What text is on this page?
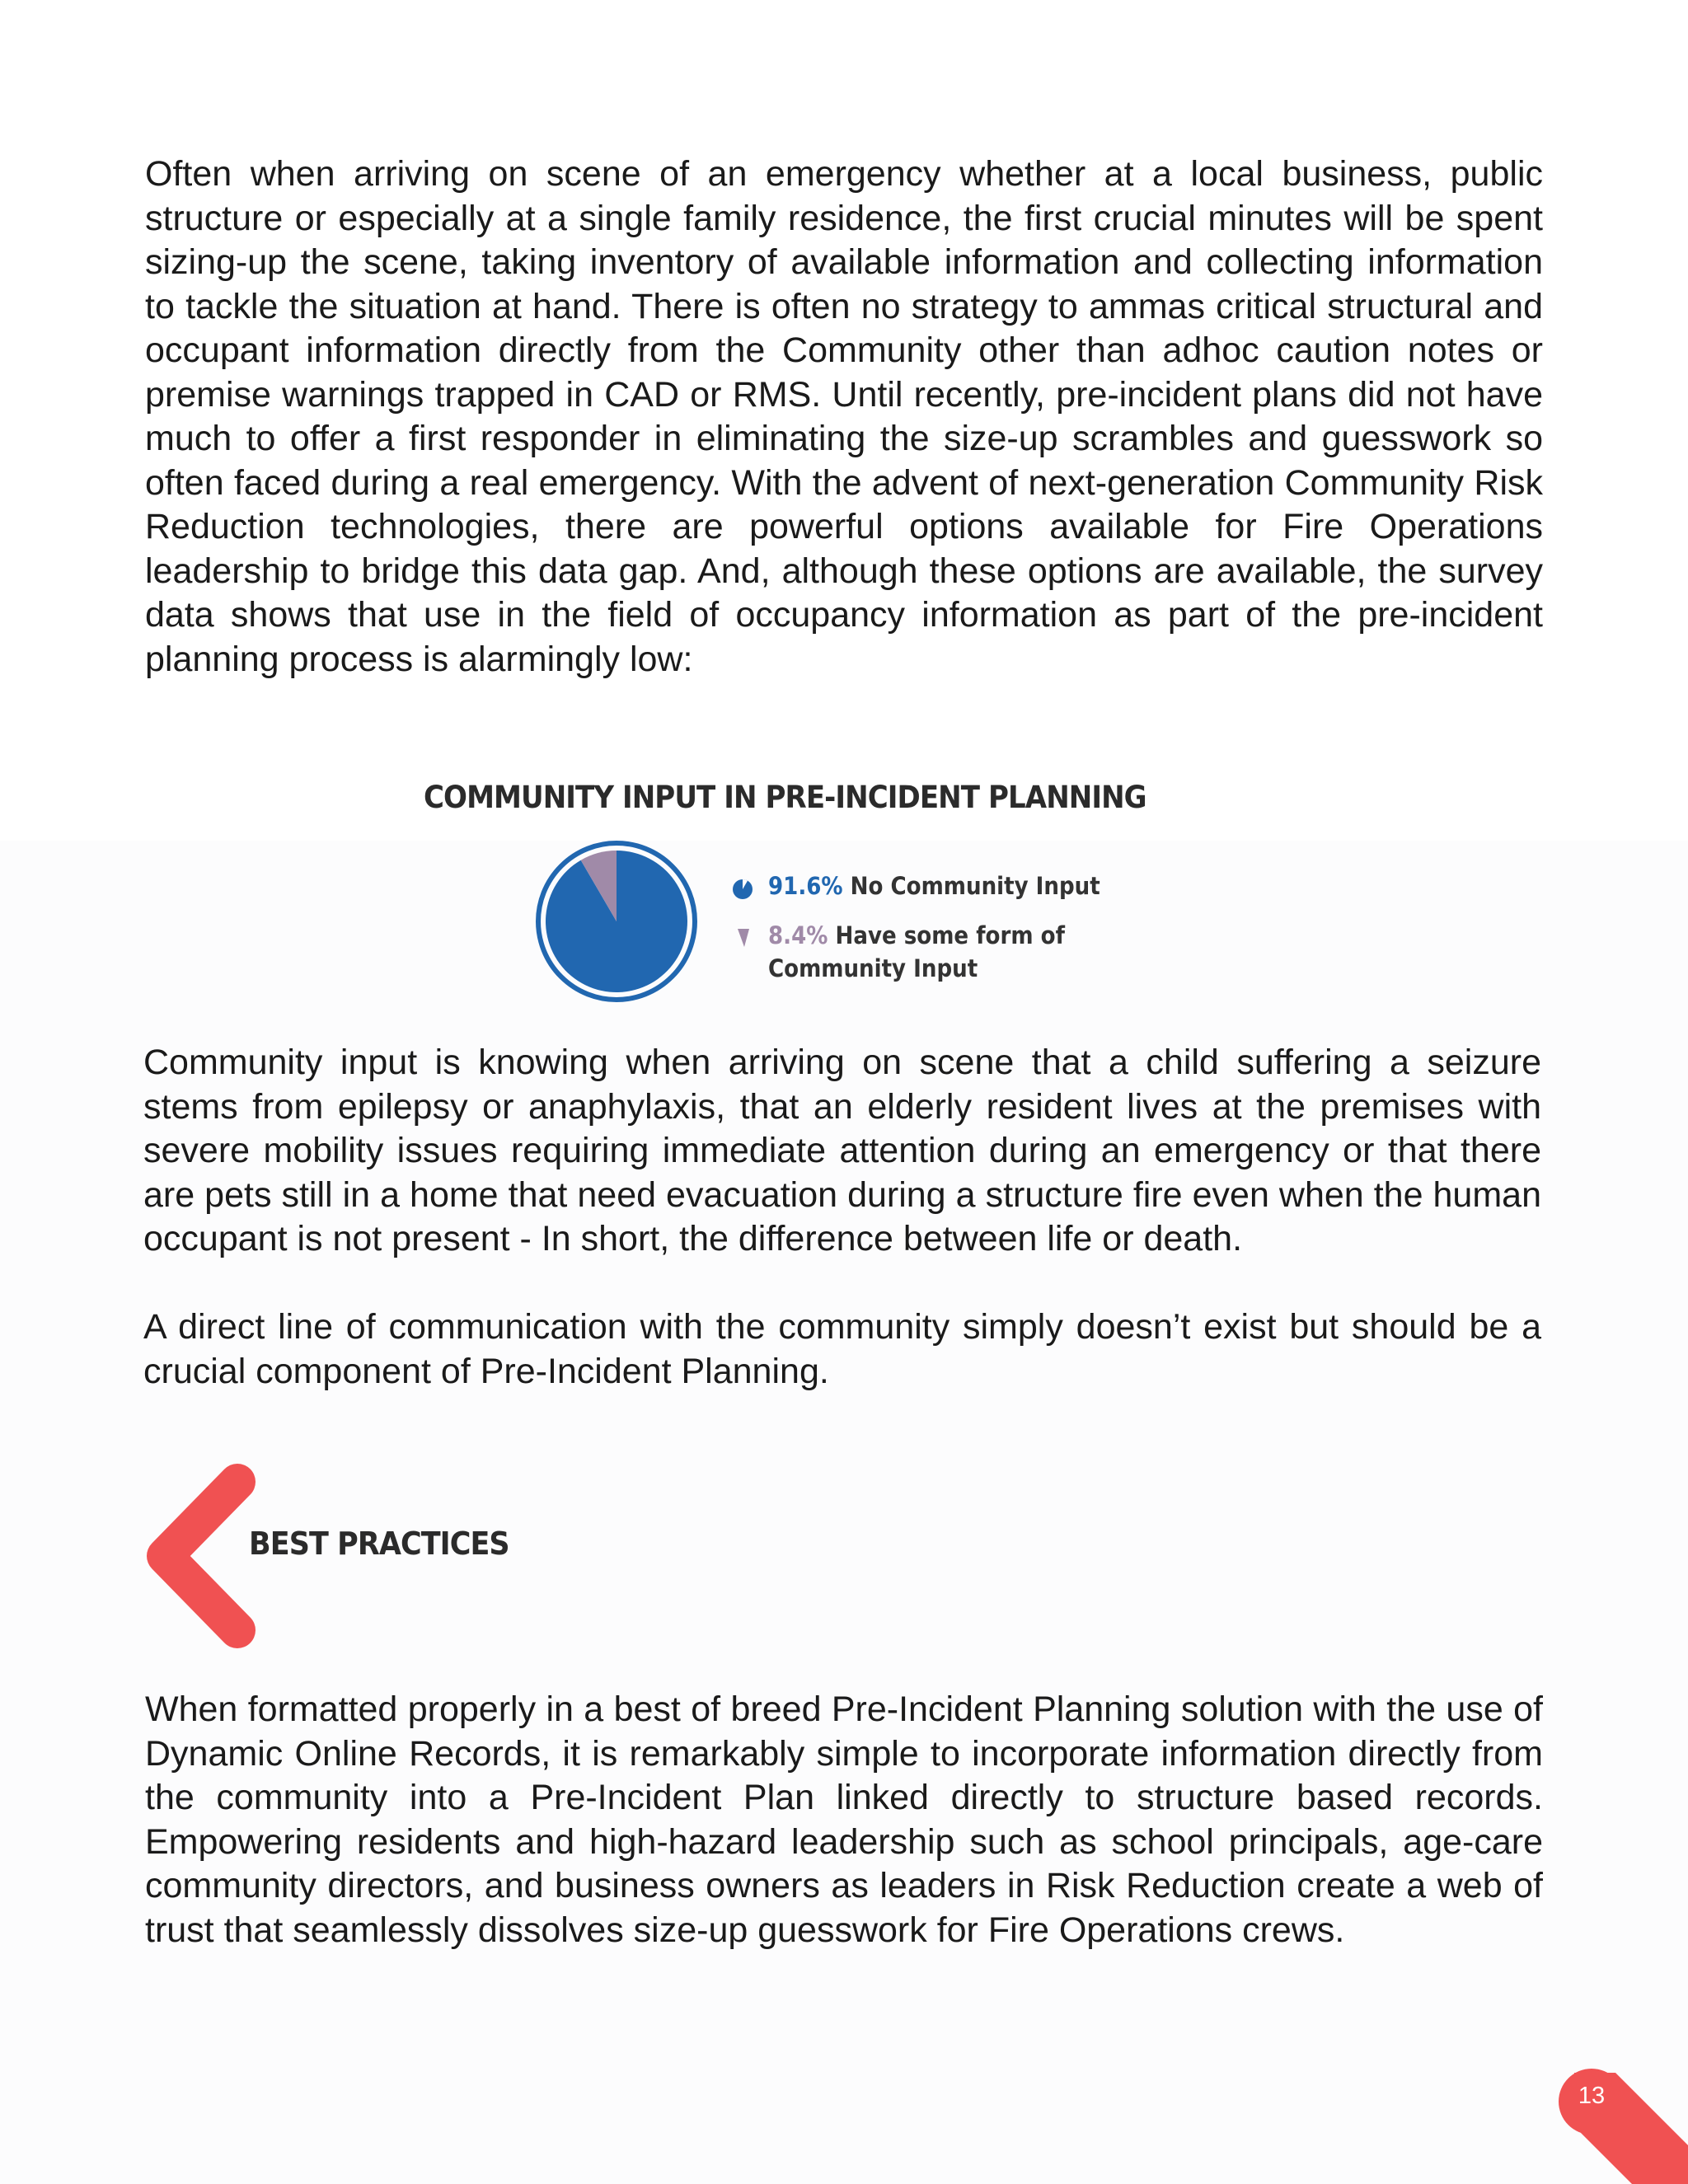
Often when arriving on scene of an emergency whether at a local business, public structure or especially at a single family residence, the first crucial minutes will be spent sizing-up the scene, taking inventory of available information and collecting information to tackle the situation at hand. There is often no strategy to ammas critical structural and occupant information directly from the Community other than adhoc caution notes or premise warnings trapped in CAD or RMS. Until recently, pre-incident plans did not have much to offer a first responder in eliminating the size-up scrambles and guesswork so often faced during a real emergency. With the advent of next-generation Community Risk Reduction technologies, there are powerful options available for Fire Operations leadership to bridge this data gap. And, although these options are available, the survey data shows that use in the field of occupancy information as part of the pre-incident planning process is alarmingly low:

COMMUNITY INPUT IN PRE-INCIDENT PLANNING
91.6% No Community Input
8.4% Have some form of
Community Input

Community input is knowing when arriving on scene that a child suffering a seizure stems from epilepsy or anaphylaxis, that an elderly resident lives at the premises with severe mobility issues requiring immediate attention during an emergency or that there are pets still in a home that need evacuation during a structure fire even when the human occupant is not present - In short, the difference between life or death.

A direct line of communication with the community simply doesn’t exist but should be a crucial component of Pre-Incident Planning.

BEST PRACTICES

When formatted properly in a best of breed Pre-Incident Planning solution with the use of Dynamic Online Records, it is remarkably simple to incorporate information directly from the community into a Pre-Incident Plan linked directly to structure based records. Empowering residents and high-hazard leadership such as school principals, age-care community directors, and business owners as leaders in Risk Reduction create a web of trust that seamlessly dissolves size-up guesswork for Fire Operations crews.

13
